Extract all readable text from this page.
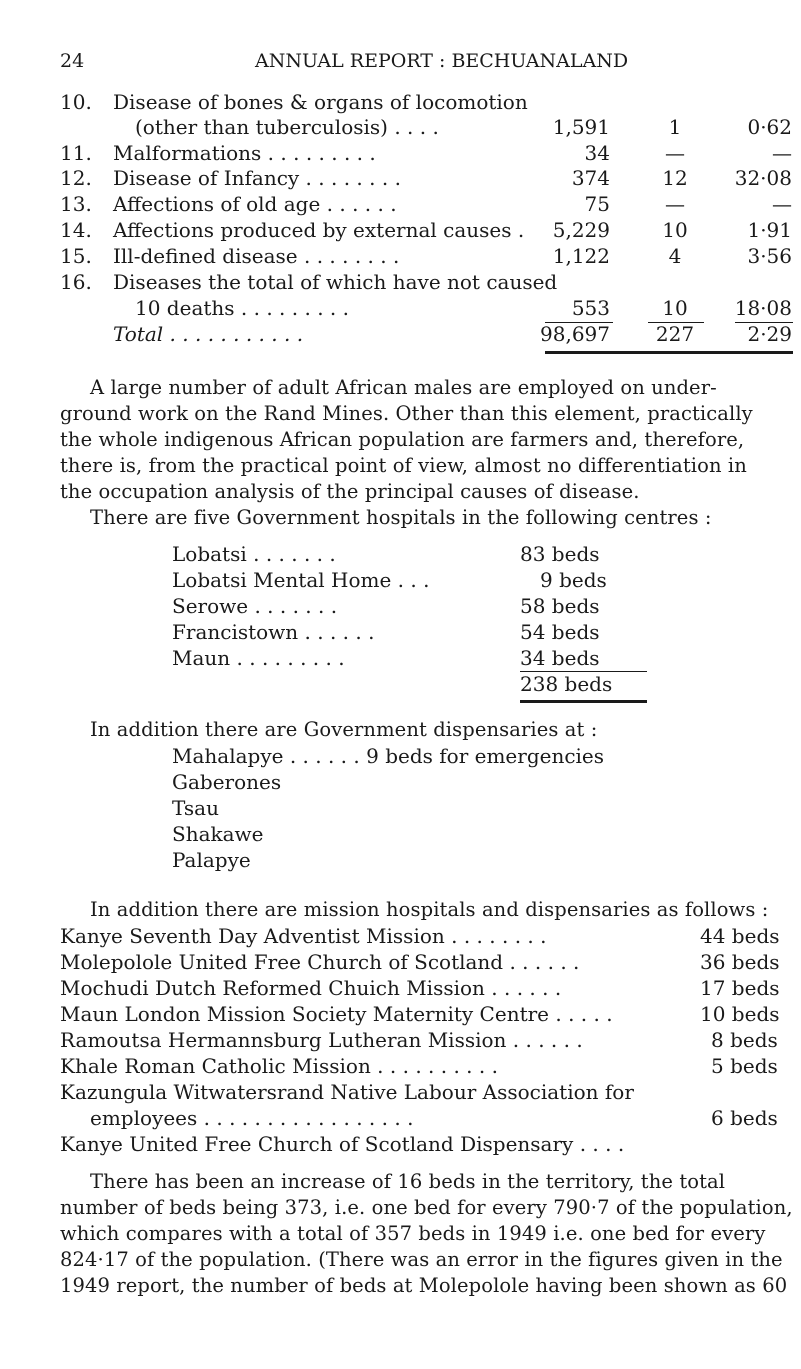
24	ANNUAL REPORT : BECHUANALAND
10. Disease of bones & organs of locomotion
(other than tuberculosis) . . . .	1,591	1	0·62
11. Malformations . . . . . . . . .	34	—	—
12. Disease of Infancy . . . . . . . .	374	12	32·08
13. Affections of old age . . . . . .	75	—	—
14. Affections produced by external causes .	5,229	10	1·91
15. Ill-defined disease . . . . . . . .	1,122	4	3·56
16. Diseases the total of which have not caused
10 deaths . . . . . . . . .	553	10	18·08
Total . . . . . . . . . . .	98,697	227	2·29
A large number of adult African males are employed on under-
ground work on the Rand Mines. Other than this element, practically
the whole indigenous African population are farmers and, therefore,
there is, from the practical point of view, almost no differentiation in
the occupation analysis of the principal causes of disease.
There are five Government hospitals in the following centres :
Lobatsi . . . . . . .	83 beds
Lobatsi Mental Home . . .	9 beds
Serowe . . . . . . .	58 beds
Francistown . . . . . .	54 beds
Maun . . . . . . . . .	34 beds
238 beds
In addition there are Government dispensaries at :
Mahalapye . . . . . . 9 beds for emergencies
Gaberones
Tsau
Shakawe
Palapye
In addition there are mission hospitals and dispensaries as follows :
Kanye Seventh Day Adventist Mission . . . . . . . .	44 beds
Molepolole United Free Church of Scotland . . . . . .	36 beds
Mochudi Dutch Reformed Chuich Mission . . . . . .	17 beds
Maun London Mission Society Maternity Centre . . . . .	10 beds
Ramoutsa Hermannsburg Lutheran Mission . . . . . .	8 beds
Khale Roman Catholic Mission . . . . . . . . . .	5 beds
Kazungula Witwatersrand Native Labour Association for
employees . . . . . . . . . . . . . . . . .	6 beds
Kanye United Free Church of Scotland Dispensary . . . .
There has been an increase of 16 beds in the territory, the total
number of beds being 373, i.e. one bed for every 790·7 of the population,
which compares with a total of 357 beds in 1949 i.e. one bed for every
824·17 of the population. (There was an error in the figures given in the
1949 report, the number of beds at Molepolole having been shown as 60
